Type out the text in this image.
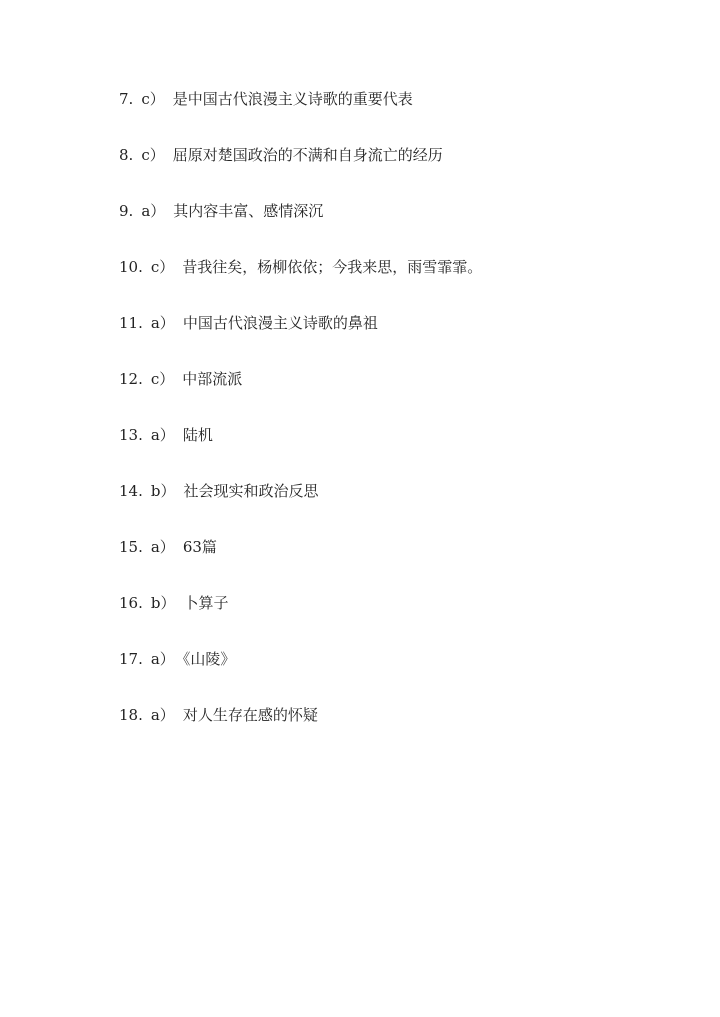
7. c） 是中国古代浪漫主义诗歌的重要代表
8. c） 屈原对楚国政治的不满和自身流亡的经历
9. a） 其内容丰富、感情深沉
10. c） 昔我往矣，杨柳依依；今我来思，雨雪霏霏。
11. a） 中国古代浪漫主义诗歌的鼻祖
12. c） 中部流派
13. a） 陆机
14. b） 社会现实和政治反思
15. a） 63篇
16. b） 卜算子
17. a） 《山陵》
18. a） 对人生存在感的怀疑
